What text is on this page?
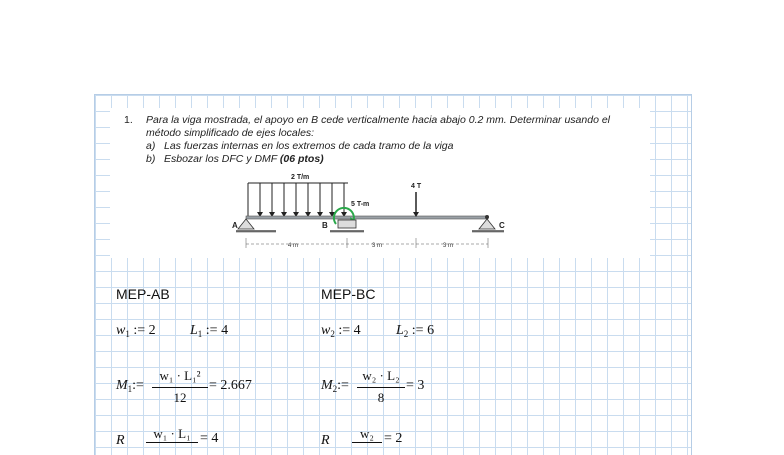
1. Para la viga mostrada, el apoyo en B cede verticalmente hacia abajo 0.2 mm. Determinar usando el
método simplificado de ejes locales:
a) Las fuerzas internas en los extremos de cada tramo de la viga
b) Esbozar los DFC y DMF (06 ptos)
2 T/m
4 T
5 T-m
A	B	C
4 m	3 m	3 m
MEP-AB
$w_1$ := 2 $L_1$ := 4
$M_1:=$
w₁ · L₁²
12
= 2.667
R	w₁ · L₁ = 4
MEP-BC
$w_2$ := 4	$L_2$ := 6
$M_2:=$
w₂ · L₂
8
= 3
R	w₂ = 2
